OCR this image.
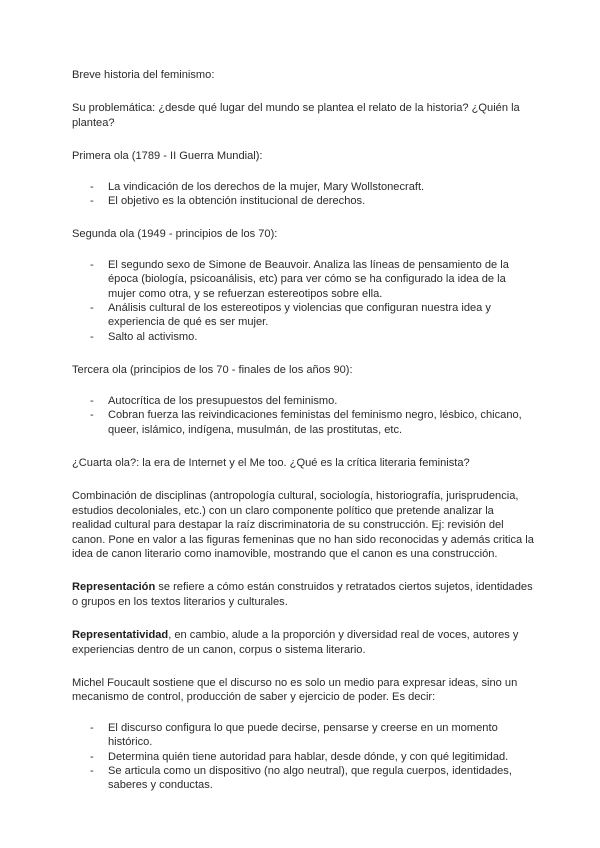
Breve historia del feminismo:

Su problemática: ¿desde qué lugar del mundo se plantea el relato de la historia? ¿Quién la plantea?

Primera ola (1789 - II Guerra Mundial):

- La vindicación de los derechos de la mujer, Mary Wollstonecraft.
- El objetivo es la obtención institucional de derechos.

Segunda ola (1949 - principios de los 70):

- El segundo sexo de Simone de Beauvoir. Analiza las líneas de pensamiento de la época (biología, psicoanálisis, etc) para ver cómo se ha configurado la idea de la mujer como otra, y se refuerzan estereotipos sobre ella.
- Análisis cultural de los estereotipos y violencias que configuran nuestra idea y experiencia de qué es ser mujer.
- Salto al activismo.

Tercera ola (principios de los 70 - finales de los años 90):

- Autocrítica de los presupuestos del feminismo.
- Cobran fuerza las reivindicaciones feministas del feminismo negro, lésbico, chicano, queer, islámico, indígena, musulmán, de las prostitutas, etc.

¿Cuarta ola?: la era de Internet y el Me too. ¿Qué es la crítica literaria feminista?

Combinación de disciplinas (antropología cultural, sociología, historiografía, jurisprudencia, estudios decoloniales, etc.) con un claro componente político que pretende analizar la realidad cultural para destapar la raíz discriminatoria de su construcción. Ej: revisión del canon. Pone en valor a las figuras femeninas que no han sido reconocidas y además critica la idea de canon literario como inamovible, mostrando que el canon es una construcción.

Representación se refiere a cómo están construidos y retratados ciertos sujetos, identidades o grupos en los textos literarios y culturales.

Representatividad, en cambio, alude a la proporción y diversidad real de voces, autores y experiencias dentro de un canon, corpus o sistema literario.

Michel Foucault sostiene que el discurso no es solo un medio para expresar ideas, sino un mecanismo de control, producción de saber y ejercicio de poder. Es decir:

- El discurso configura lo que puede decirse, pensarse y creerse en un momento histórico.
- Determina quién tiene autoridad para hablar, desde dónde, y con qué legitimidad.
- Se articula como un dispositivo (no algo neutral), que regula cuerpos, identidades, saberes y conductas.
